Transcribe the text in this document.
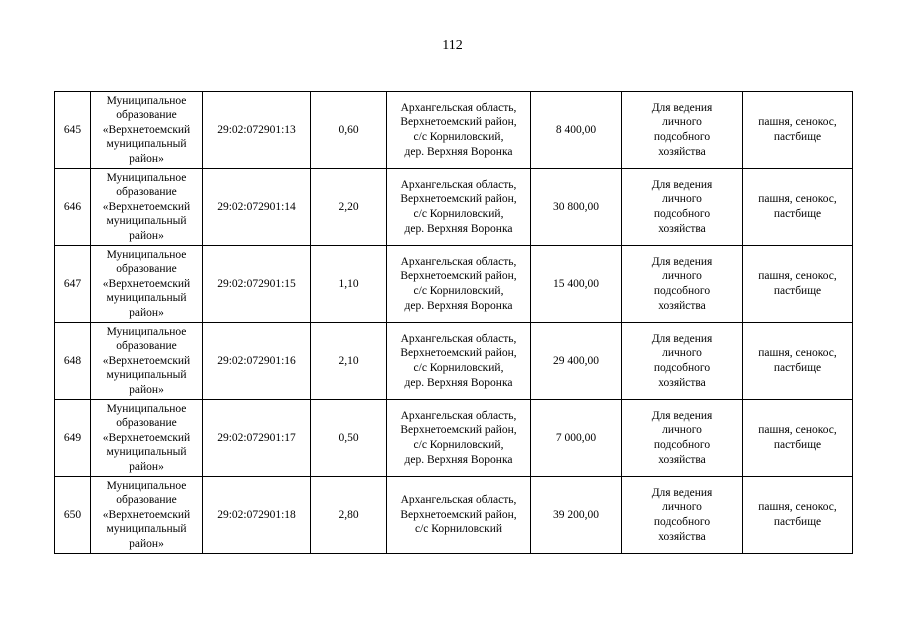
112
645	Муниципальное
образование
«Верхнетоемский
муниципальный
район»	29:02:072901:13	0,60	Архангельская область,
Верхнетоемский район,
с/с Корниловский,
дер. Верхняя Воронка	8 400,00	Для ведения
личного
подсобного
хозяйства	пашня, сенокос,
пастбище

646	Муниципальное
образование
«Верхнетоемский
муниципальный
район»	29:02:072901:14	2,20	Архангельская область,
Верхнетоемский район,
с/с Корниловский,
дер. Верхняя Воронка	30 800,00	Для ведения
личного
подсобного
хозяйства	пашня, сенокос,
пастбище

647	Муниципальное
образование
«Верхнетоемский
муниципальный
район»	29:02:072901:15	1,10	Архангельская область,
Верхнетоемский район,
с/с Корниловский,
дер. Верхняя Воронка	15 400,00	Для ведения
личного
подсобного
хозяйства	пашня, сенокос,
пастбище

648	Муниципальное
образование
«Верхнетоемский
муниципальный
район»	29:02:072901:16	2,10	Архангельская область,
Верхнетоемский район,
с/с Корниловский,
дер. Верхняя Воронка	29 400,00	Для ведения
личного
подсобного
хозяйства	пашня, сенокос,
пастбище

649	Муниципальное
образование
«Верхнетоемский
муниципальный
район»	29:02:072901:17	0,50	Архангельская область,
Верхнетоемский район,
с/с Корниловский,
дер. Верхняя Воронка	7 000,00	Для ведения
личного
подсобного
хозяйства	пашня, сенокос,
пастбище

650	Муниципальное
образование
«Верхнетоемский
муниципальный
район»	29:02:072901:18	2,80	Архангельская область,
Верхнетоемский район,
с/с Корниловский	39 200,00	Для ведения
личного
подсобного
хозяйства	пашня, сенокос,
пастбище
